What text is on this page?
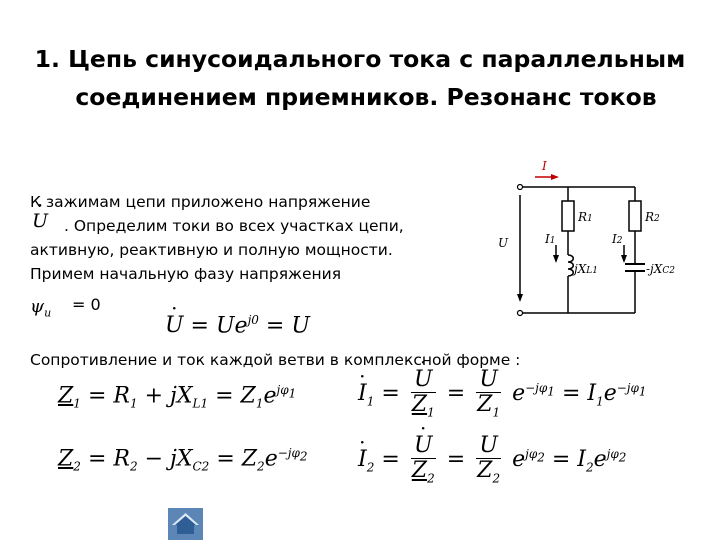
1. Цепь синусоидального тока с параллельным
соединением приемников. Резонанс токов
К зажимам цепи приложено напряжение
. Определим токи во всех участках цепи,
активную, реактивную и полную мощности.
Примем начальную фазу напряжения
· U
$\psi_u = 0$
· $U = Ue^{j0} = U$
Сопротивление и ток каждой ветви в комплексной форме :
$Z_1 = R_1 + jX_{L1} = Z_1e^{j\varphi_1}$
$Z_2 = R_2 - jX_{C2} = Z_2e^{-j\varphi_2}$
· $I_1$ = · $\frac{U}{Z_1} = \frac{U}{Z_1} e^{-j\varphi_1} = I_1e^{-j\varphi_1}$
· $I_2$ = · $\frac{U}{Z_2} = \frac{U}{Z_2} e^{j\varphi_2} = I_2e^{j\varphi_2}$
I
U
R1	R2
I1	I2
jXL1	-jXC2
